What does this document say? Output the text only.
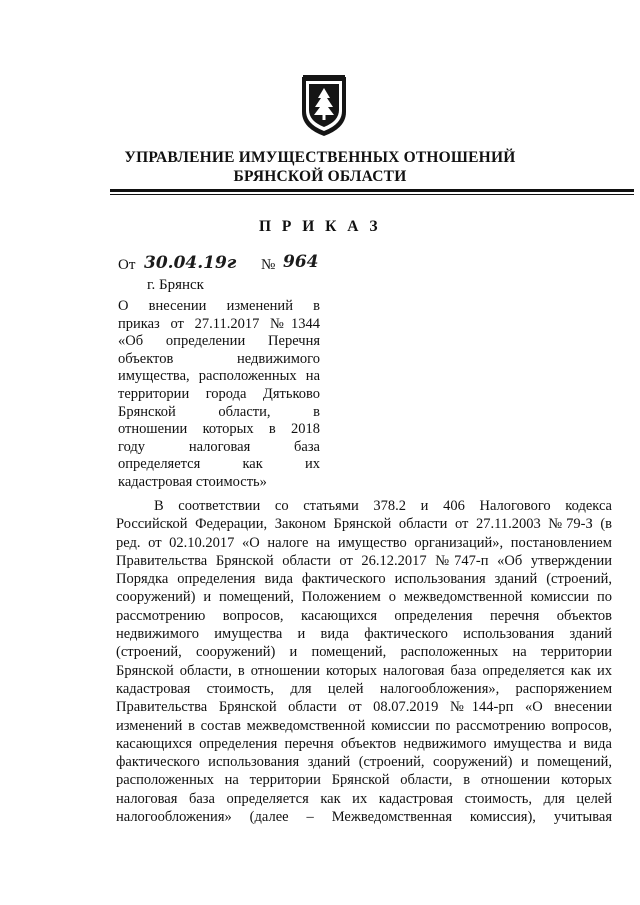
УПРАВЛЕНИЕ ИМУЩЕСТВЕННЫХ ОТНОШЕНИЙ
БРЯНСКОЙ ОБЛАСТИ
П Р И К А З
От 30.04.19г № 964
г. Брянск
О внесении изменений в
приказ от 27.11.2017 №1344
«Об определении Перечня
объектов недвижимого
имущества, расположенных на
территории города Дятьково
Брянской области, в
отношении которых в 2018
году налоговая база
определяется как их
кадастровая стоимость»
В соответствии со статьями 378.2 и 406 Налогового кодекса
Российской Федерации, Законом Брянской области от 27.11.2003 №79-З (в
ред. от 02.10.2017 «О налоге на имущество организаций», постановлением
Правительства Брянской области от 26.12.2017 №747-п «Об утверждении
Порядка определения вида фактического использования зданий (строений,
сооружений) и помещений, Положением о межведомственной комиссии по
рассмотрению вопросов, касающихся определения перечня объектов
недвижимого имущества и вида фактического использования зданий
(строений, сооружений) и помещений, расположенных на территории
Брянской области, в отношении которых налоговая база определяется как их
кадастровая стоимость, для целей налогообложения», распоряжением
Правительства Брянской области от 08.07.2019 №144-рп «О внесении
изменений в состав межведомственной комиссии по рассмотрению вопросов,
касающихся определения перечня объектов недвижимого имущества и вида
фактического использования зданий (строений, сооружений) и помещений,
расположенных на территории Брянской области, в отношении которых
налоговая база определяется как их кадастровая стоимость, для целей
налогообложения» (далее – Межведомственная комиссия), учитывая
